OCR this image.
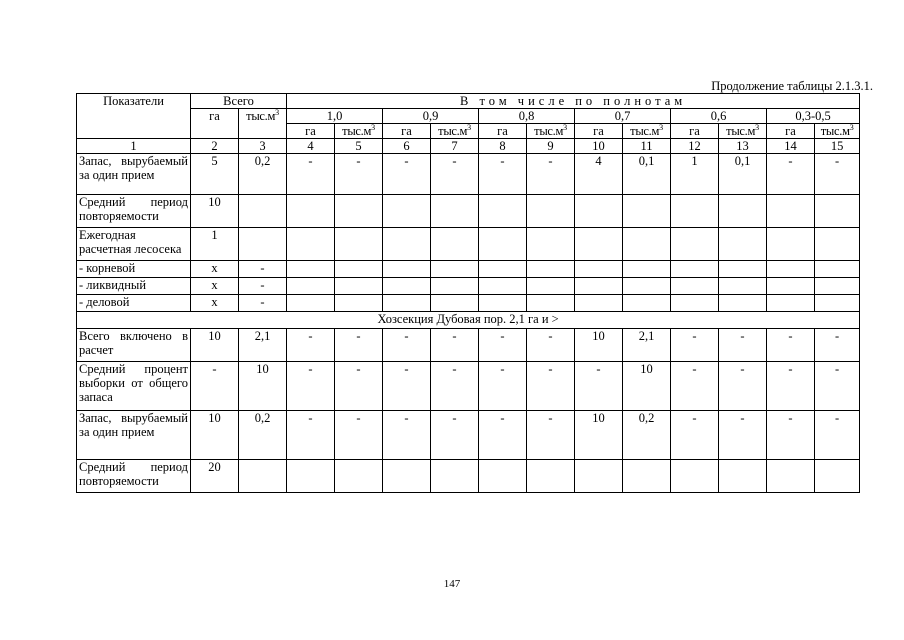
Продолжение таблицы 2.1.3.1.
Показатели	Всего		В том числе по полнотам											
	га	$тыс.м^3$	1,0		0,9		0,8		0,7		0,6		0,3-0,5	
			га	$тыс.м^3$	га	$тыс.м^3$	га	$тыс.м^3$	га	$тыс.м^3$	га	$тыс.м^3$	га	$тыс.м^3$
1	2	3	4	5	6	7	8	9	10	11	12	13	14	15
Запас, вырубаемый за один прием	5	0,2	-	-	-	-	-	-	4	0,1	1	0,1	-	-
Средний период повторяемости	10													
Ежегодная расчетная лесосека	1													
- корневой	х	-												
- ликвидный	х	-												
- деловой	х	-												
Хозсекция Дубовая пор. 2,1 га и >														
Всего включено в расчет	10	2,1	-	-	-	-	-	-	10	2,1	-	-	-	-
Средний процент выборки от общего запаса	-	10	-	-	-	-	-	-	-	10	-	-	-	-
Запас, вырубаемый за один прием	10	0,2	-	-	-	-	-	-	10	0,2	-	-	-	-
Средний период повторяемости	20													
147
